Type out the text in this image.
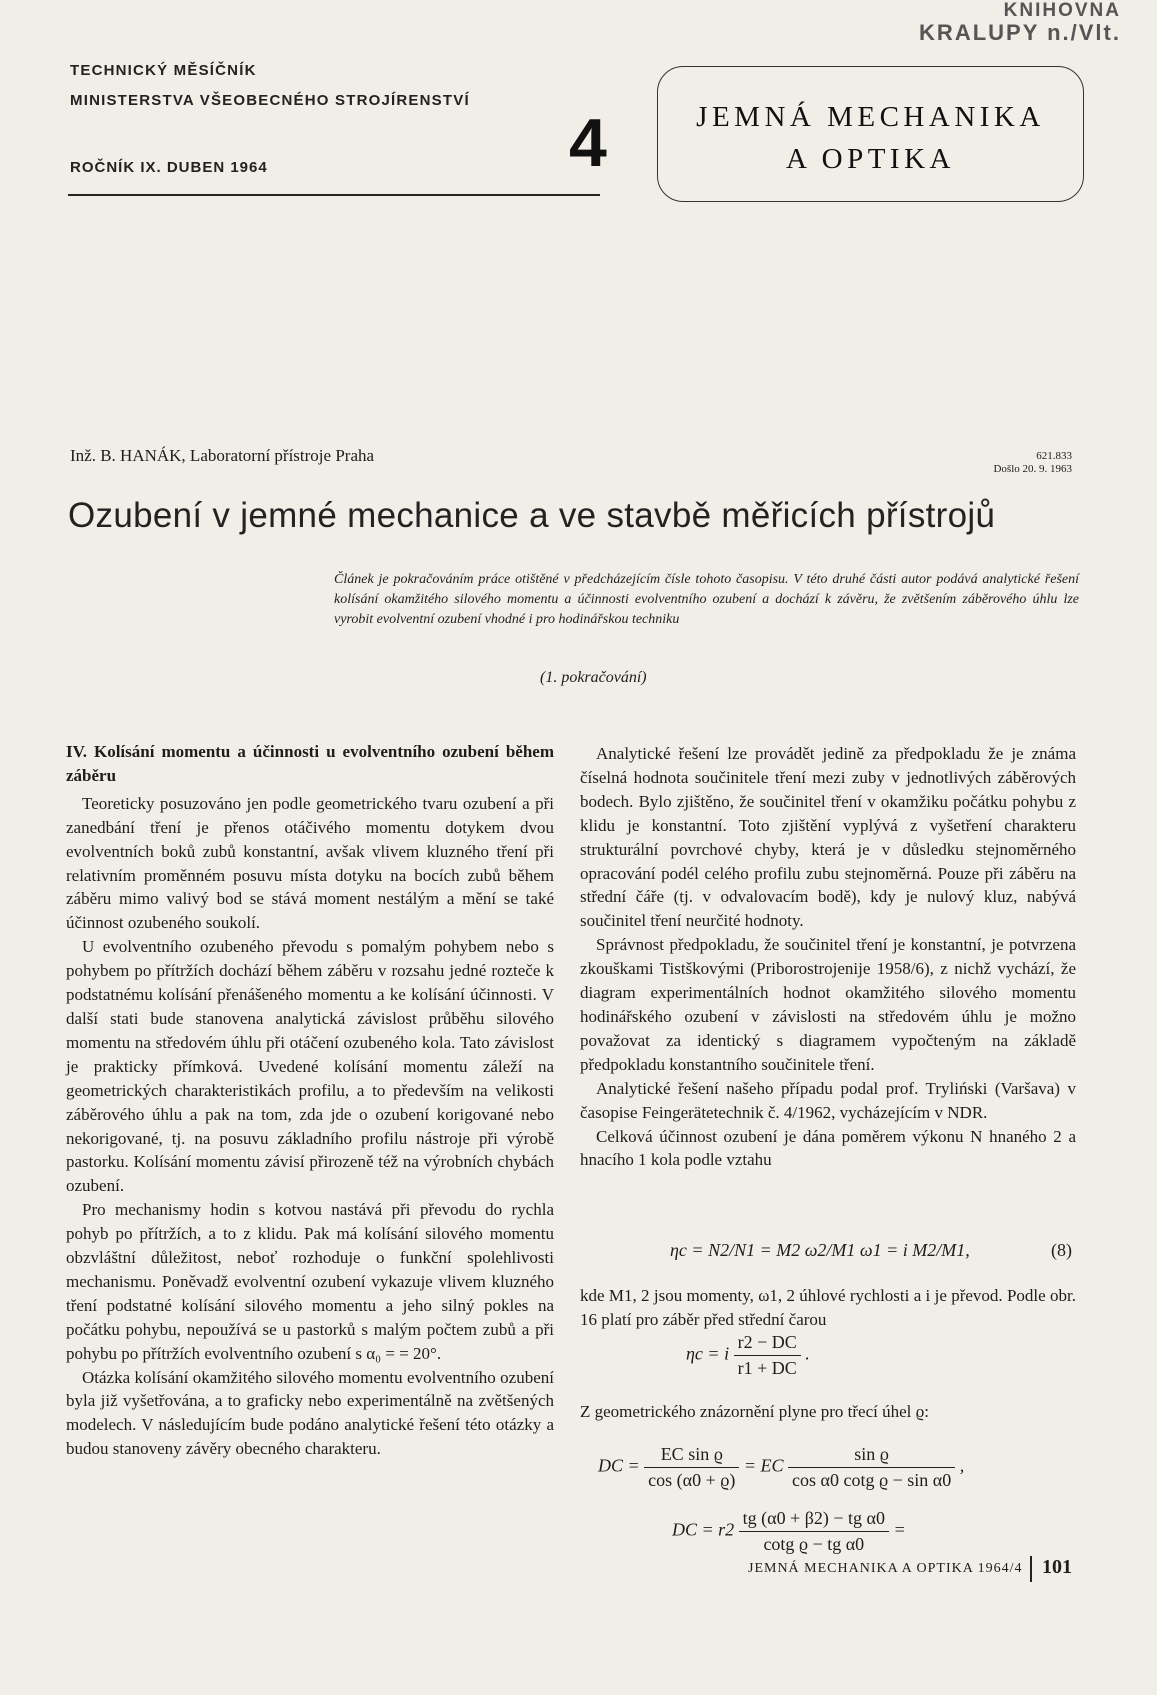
KNIHOVNA
KRALUPY n./Vlt.
TECHNICKÝ MĚSÍČNÍK
MINISTERSTVA VŠEOBECNÉHO STROJÍRENSTVÍ
ROČNÍK IX. DUBEN 1964	4	JEMNÁ MECHANIKA
A OPTIKA
Inž. B. HANÁK, Laboratorní přístroje Praha	621.833
Došlo 20. 9. 1963
Ozubení v jemné mechanice a ve stavbě měřicích přístrojů
Článek je pokračováním práce otištěné v předcházejícím čísle tohoto časopisu. V této druhé části autor podává analytické řešení kolísání okamžitého silového momentu a účinnosti evolventního ozubení a dochází k závěru, že zvětšením záběrového úhlu lze vyrobit evolventní ozubení vhodné i pro hodinářskou techniku
(1. pokračování)

IV. Kolísání momentu a účinnosti u evolventního ozubení během záběru

Teoreticky posuzováno jen podle geometrického tvaru ozubení a při zanedbání tření je přenos otáčivého momentu dotykem dvou evolventních boků zubů konstantní, avšak vlivem kluzného tření při relativním proměnném posuvu místa dotyku na bocích zubů během záběru mimo valivý bod se stává moment nestálým a mění se také účinnost ozubeného soukolí.

U evolventního ozubeného převodu s pomalým pohybem nebo s pohybem po přítržích dochází během záběru v rozsahu jedné rozteče k podstatnému kolísání přenášeného momentu a ke kolísání účinnosti. V další stati bude stanovena analytická závislost průběhu silového momentu na středovém úhlu při otáčení ozubeného kola. Tato závislost je prakticky přímková. Uvedené kolísání momentu záleží na geometrických charakteristikách profilu, a to především na velikosti záběrového úhlu a pak na tom, zda jde o ozubení korigované nebo nekorigované, tj. na posuvu základního profilu nástroje při výrobě pastorku. Kolísání momentu závisí přirozeně též na výrobních chybách ozubení.

Pro mechanismy hodin s kotvou nastává při převodu do rychla pohyb po přítržích, a to z klidu. Pak má kolísání silového momentu obzvláštní důležitost, neboť rozhoduje o funkční spolehlivosti mechanismu. Poněvadž evolventní ozubení vykazuje vlivem kluzného tření podstatné kolísání silového momentu a jeho silný pokles na počátku pohybu, nepoužívá se u pastorků s malým počtem zubů a při pohybu po přítržích evolventního ozubení s α₀ = = 20°.

Otázka kolísání okamžitého silového momentu evolventního ozubení byla již vyšetřována, a to graficky nebo experimentálně na zvětšených modelech. V následujícím bude podáno analytické řešení této otázky a budou stanoveny závěry obecného charakteru.

Analytické řešení lze provádět jedině za předpokladu že je známa číselná hodnota součinitele tření mezi zuby v jednotlivých záběrových bodech. Bylo zjištěno, že součinitel tření v okamžiku počátku pohybu z klidu je konstantní. Toto zjištění vyplývá z vyšetření charakteru strukturální povrchové chyby, která je v důsledku stejnoměrného opracování podél celého profilu zubu stejnoměrná. Pouze při záběru na střední čáře (tj. v odvalovacím bodě), kdy je nulový kluz, nabývá součinitel tření neurčité hodnoty.

Správnost předpokladu, že součinitel tření je konstantní, je potvrzena zkouškami Tistškovými (Priborostrojenije 1958/6), z nichž vychází, že diagram experimentálních hodnot okamžitého silového momentu hodinářského ozubení v závislosti na středovém úhlu je možno považovat za identický s diagramem vypočteným na základě předpokladu konstantního součinitele tření.

Analytické řešení našeho případu podal prof. Tryliński (Varšava) v časopise Feingerätetechnik č. 4/1962, vycházejícím v NDR.

Celková účinnost ozubení je dána poměrem výkonu N hnaného 2 a hnacího 1 kola podle vztahu

ηc = N2/N1 = M2 ω2/M1 ω1 = i M2/M1,	(8)

kde M1, 2 jsou momenty, ω1, 2 úhlové rychlosti a i je převod. Podle obr. 16 platí pro záběr před střední čarou

ηc = i $\frac{r2 - DC}{r1 + DC}$ .

Z geometrického znázornění plyne pro třecí úhel ϱ:

DC = $\frac{\text{EC sin ϱ}}{\cos (\alpha 0 + ϱ)}$ = EC $\frac{\text{sin ϱ}}{\text{cos α0 cotg ϱ − sin α0}}$ ,
DC = $r2 \frac{\text{tg (α0 + β2) − tg α0}}{\text{cotg ϱ − tg α0}}$ =
JEMNÁ MECHANIKA A OPTIKA 1964/4 101
